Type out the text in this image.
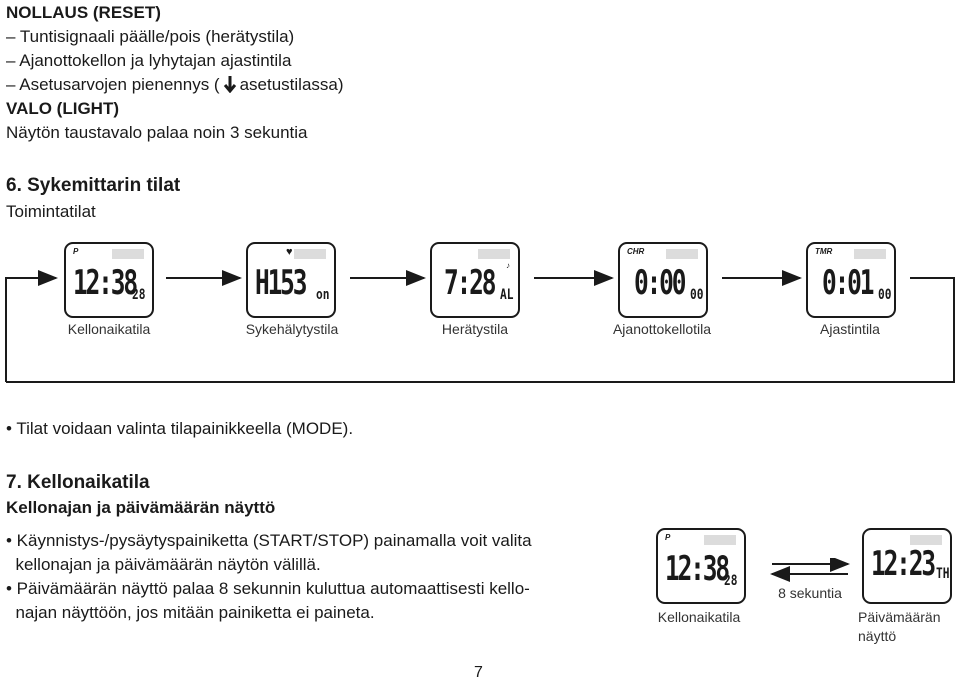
NOLLAUS (RESET)
– Tuntisignaali päälle/pois (herätystila)
– Ajanottokellon ja lyhytajan ajastintila
– Asetusarvojen pienennys ( asetustilassa)
VALO (LIGHT)
Näytön taustavalo palaa noin 3 sekuntia
6. Sykemittarin tilat
Toimintatilat
P
12:38
28
Kellonaikatila
♥
H153 on
Sykehälytystila
♪
7:28 AL
Herätystila
CHR
0:00 00
Ajanottokellotila
TMR
0:01 00
Ajastintila
• Tilat voidaan valinta tilapainikkeella (MODE).
7. Kellonaikatila
Kellonajan ja päivämäärän näyttö
• Käynnistys-/pysäytyspainiketta (START/STOP) painamalla voit valita
kellonajan ja päivämäärän näytön välillä.
• Päivämäärän näyttö palaa 8 sekunnin kuluttua automaattisesti kello-
najan näyttöön, jos mitään painiketta ei paineta.
P
12:38
28
Kellonaikatila
8 sekuntia
12:23 TH
Päivämäärän
näyttö
7
